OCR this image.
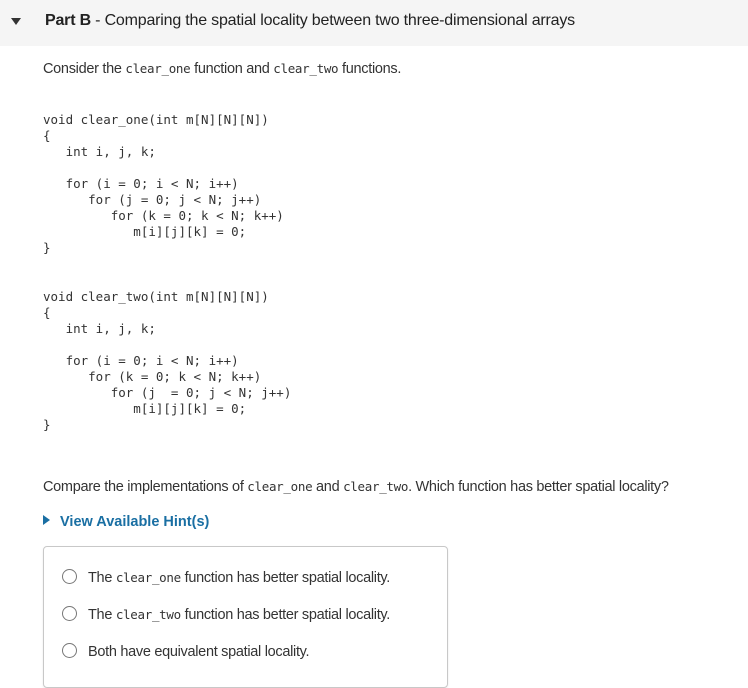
Part B - Comparing the spatial locality between two three-dimensional arrays
Consider the clear_one function and clear_two functions.
void clear_one(int m[N][N][N])
{
int i, j, k;

for (i = 0; i < N; i++)
for (j = 0; j < N; j++)
for (k = 0; k < N; k++)
m[i][j][k] = 0;
}
void clear_two(int m[N][N][N])
{
int i, j, k;

for (i = 0; i < N; i++)
for (k = 0; k < N; k++)
for (j  = 0; j < N; j++)
m[i][j][k] = 0;
}
Compare the implementations of clear_one and clear_two. Which function has better spatial locality?
View Available Hint(s)
The clear_one function has better spatial locality.
The clear_two function has better spatial locality.
Both have equivalent spatial locality.
